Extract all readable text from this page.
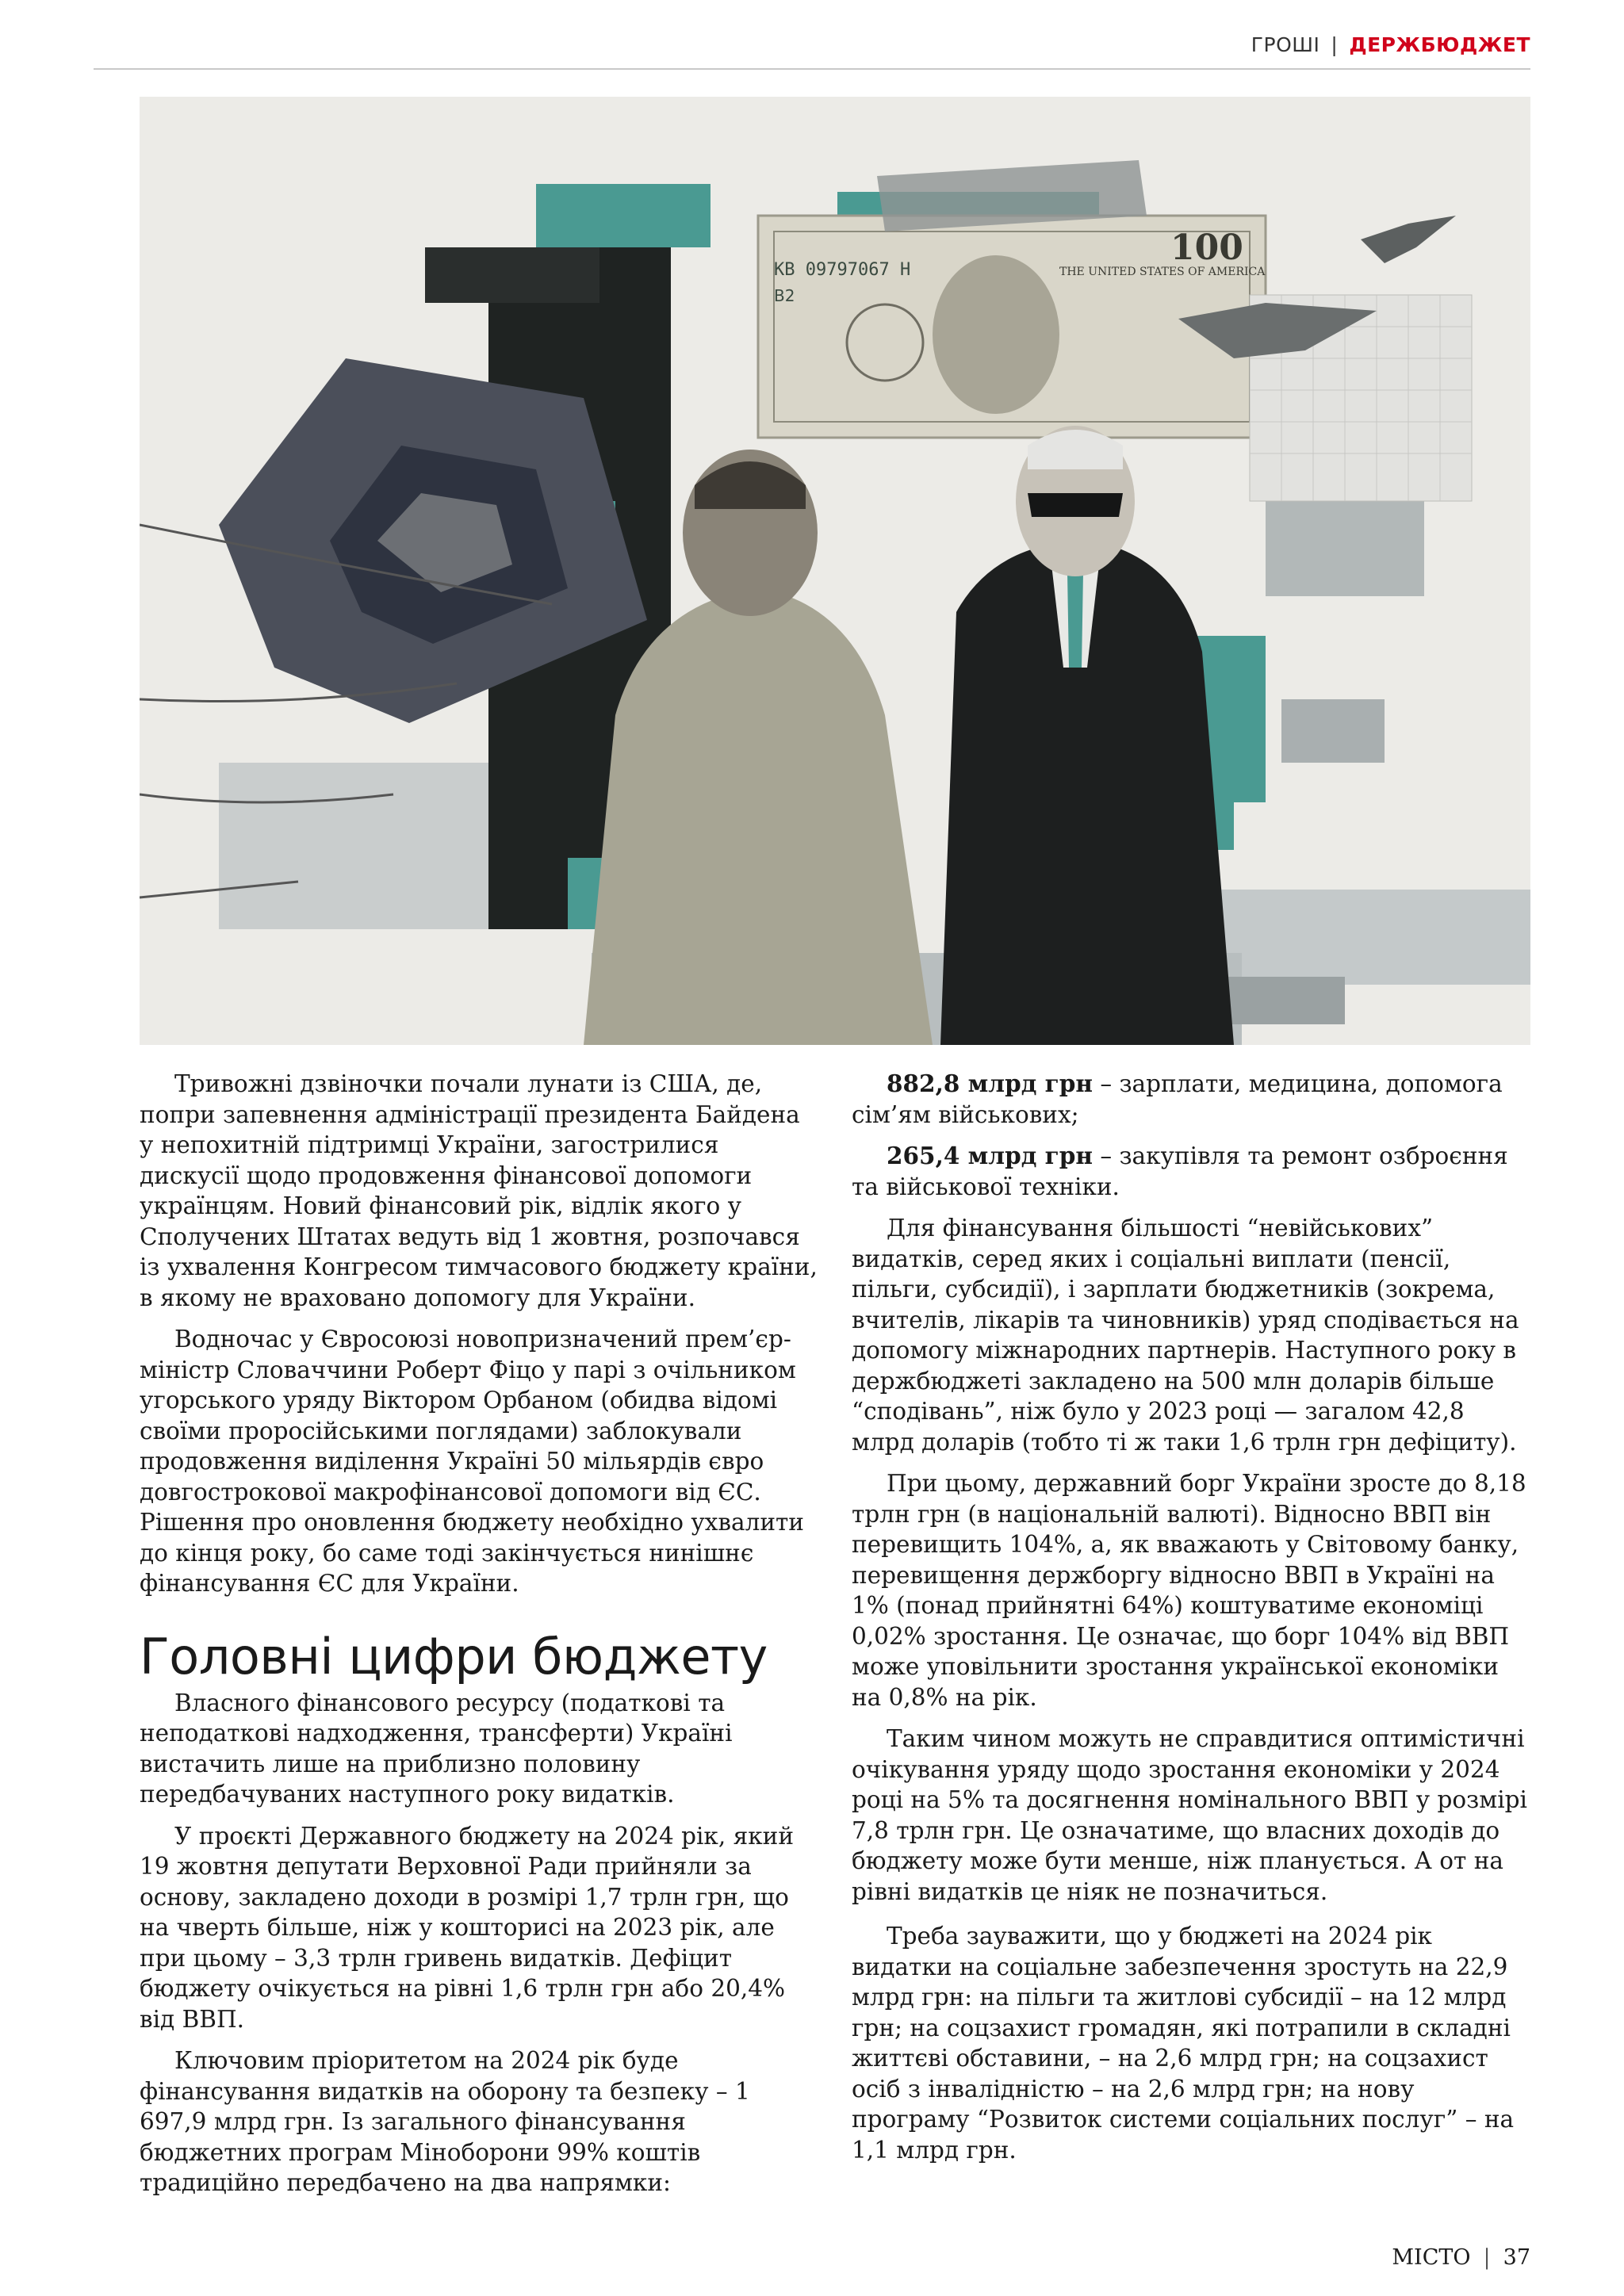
ГРОШІ | ДЕРЖБЮДЖЕТ
KB 09797067 H
B2
THE UNITED STATES OF AMERICA
100

Тривожні дзвіночки почали лунати із США, де, попри запевнення адміністрації президента Байдена у непохитній підтримці України, загострилися дискусії щодо продовження фінансової допомоги українцям. Новий фінансовий рік, відлік якого у Сполучених Штатах ведуть від 1 жовтня, розпочався із ухвалення Конгресом тимчасового бюджету країни, в якому не враховано допомогу для України.

Водночас у Євросоюзі новопризначений прем’єр-міністр Словаччини Роберт Фіцо у парі з очільником угорського уряду Віктором Орбаном (обидва відомі своїми проросійськими поглядами) заблокували продовження виділення Україні 50 мільярдів євро довгострокової макрофінансової допомоги від ЄС. Рішення про оновлення бюджету необхідно ухвалити до кінця року, бо саме тоді закінчується нинішнє фінансування ЄС для України.

Головні цифри бюджету

Власного фінансового ресурсу (податкові та неподаткові надходження, трансферти) Україні вистачить лише на приблизно половину передбачуваних наступного року видатків.

У проєкті Державного бюджету на 2024 рік, який 19 жовтня депутати Верховної Ради прийняли за основу, закладено доходи в розмірі 1,7 трлн грн, що на чверть більше, ніж у кошторисі на 2023 рік, але при цьому – 3,3 трлн гривень видатків. Дефіцит бюджету очікується на рівні 1,6 трлн грн або 20,4% від ВВП.

Ключовим пріоритетом на 2024 рік буде фінансування видатків на оборону та безпеку – 1 697,9 млрд грн. Із загального фінансування бюджетних програм Міноборони 99% коштів традиційно передбачено на два напрямки:

882,8 млрд грн – зарплати, медицина, допомога сім’ям військових;

265,4 млрд грн – закупівля та ремонт озброєння та військової техніки.

Для фінансування більшості “невійськових” видатків, серед яких і соціальні виплати (пенсії, пільги, субсидії), і зарплати бюджетників (зокрема, вчителів, лікарів та чиновників) уряд сподівається на допомогу міжнародних партнерів. Наступного року в держбюджеті закладено на 500 млн доларів більше “сподівань”, ніж було у 2023 році — загалом 42,8 млрд доларів (тобто ті ж таки 1,6 трлн грн дефіциту).

При цьому, державний борг України зросте до 8,18 трлн грн (в національній валюті). Відносно ВВП він перевищить 104%, а, як вважають у Світовому банку, перевищення держборгу відносно ВВП в Україні на 1% (понад прийнятні 64%) коштуватиме економіці 0,02% зростання. Це означає, що борг 104% від ВВП може уповільнити зростання української економіки на 0,8% на рік.

Таким чином можуть не справдитися оптимістичні очікування уряду щодо зростання економіки у 2024 році на 5% та досягнення номінального ВВП у розмірі 7,8 трлн грн. Це означатиме, що власних доходів до бюджету може бути менше, ніж планується. А от на рівні видатків це ніяк не позначиться.

Треба зауважити, що у бюджеті на 2024 рік видатки на соціальне забезпечення зростуть на 22,9 млрд грн: на пільги та житлові субсидії – на 12 млрд грн; на соцзахист громадян, які потрапили в складні життєві обставини, – на 2,6 млрд грн; на соцзахист осіб з інвалідністю – на 2,6 млрд грн; на нову програму “Розвиток системи соціальних послуг” – на 1,1 млрд грн.

МІСТО | 37
